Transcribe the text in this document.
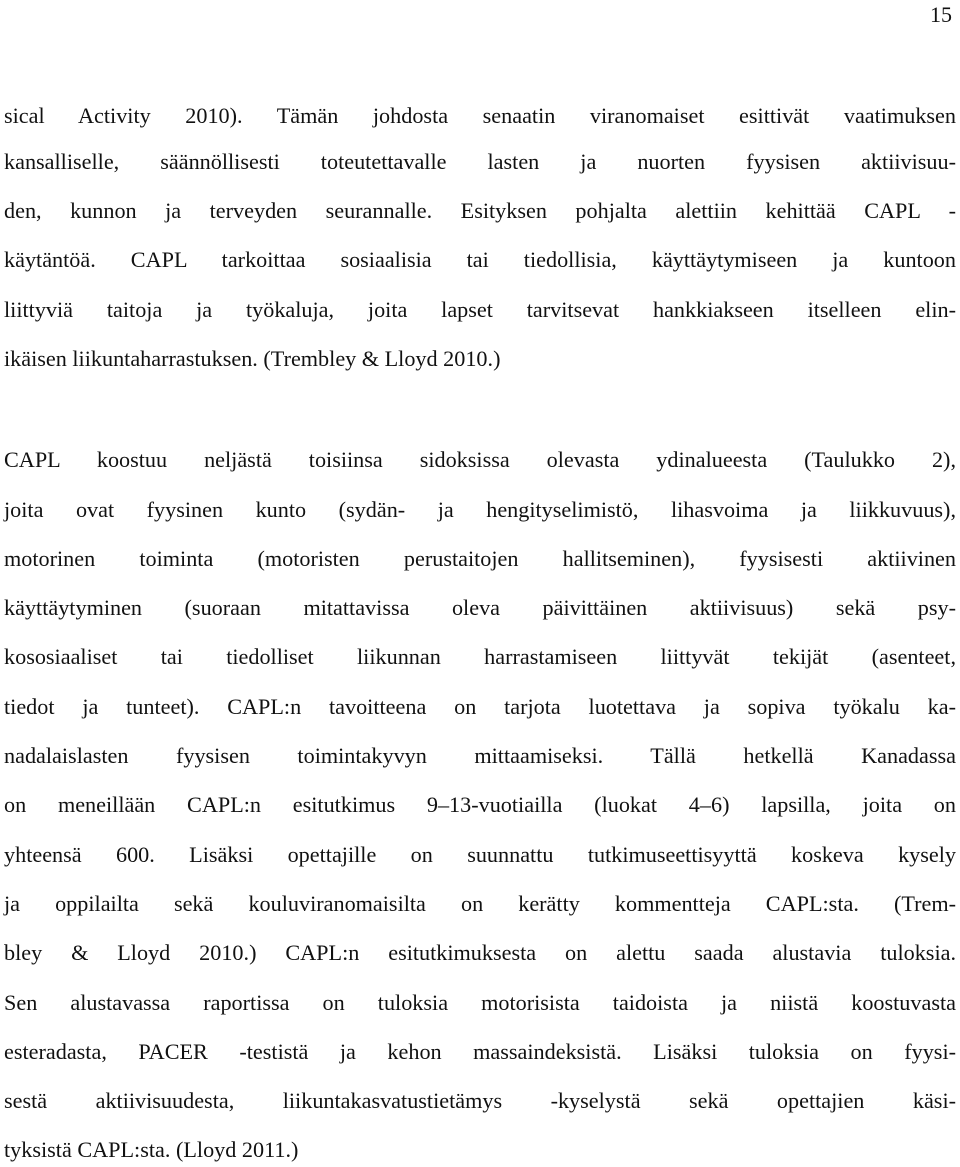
15

sical Activity 2010). Tämän johdosta senaatin viranomaiset esittivät vaatimuksen

kansalliselle, säännöllisesti toteutettavalle lasten ja nuorten fyysisen aktiivisuu-

den, kunnon ja terveyden seurannalle. Esityksen pohjalta alettiin kehittää CAPL -

käytäntöä. CAPL tarkoittaa sosiaalisia tai tiedollisia, käyttäytymiseen ja kuntoon

liittyviä taitoja ja työkaluja, joita lapset tarvitsevat hankkiakseen itselleen elin-

ikäisen liikuntaharrastuksen. (Trembley & Lloyd 2010.)

CAPL koostuu neljästä toisiinsa sidoksissa olevasta ydinalueesta (Taulukko 2),

joita ovat fyysinen kunto (sydän- ja hengityselimistö, lihasvoima ja liikkuvuus),

motorinen toiminta (motoristen perustaitojen hallitseminen), fyysisesti aktiivinen

käyttäytyminen (suoraan mitattavissa oleva päivittäinen aktiivisuus) sekä psy-

kososiaaliset tai tiedolliset liikunnan harrastamiseen liittyvät tekijät (asenteet,

tiedot ja tunteet). CAPL:n tavoitteena on tarjota luotettava ja sopiva työkalu ka-

nadalaislasten fyysisen toimintakyvyn mittaamiseksi. Tällä hetkellä Kanadassa

on meneillään CAPL:n esitutkimus 9–13-vuotiailla (luokat 4–6) lapsilla, joita on

yhteensä 600. Lisäksi opettajille on suunnattu tutkimuseettisyyttä koskeva kysely

ja oppilailta sekä kouluviranomaisilta on kerätty kommentteja CAPL:sta. (Trem-

bley & Lloyd 2010.) CAPL:n esitutkimuksesta on alettu saada alustavia tuloksia.

Sen alustavassa raportissa on tuloksia motorisista taidoista ja niistä koostuvasta

esteradasta, PACER -testistä ja kehon massaindeksistä. Lisäksi tuloksia on fyysi-

sestä aktiivisuudesta, liikuntakasvatustietämys -kyselystä sekä opettajien käsi-

tyksistä CAPL:sta. (Lloyd 2011.)
